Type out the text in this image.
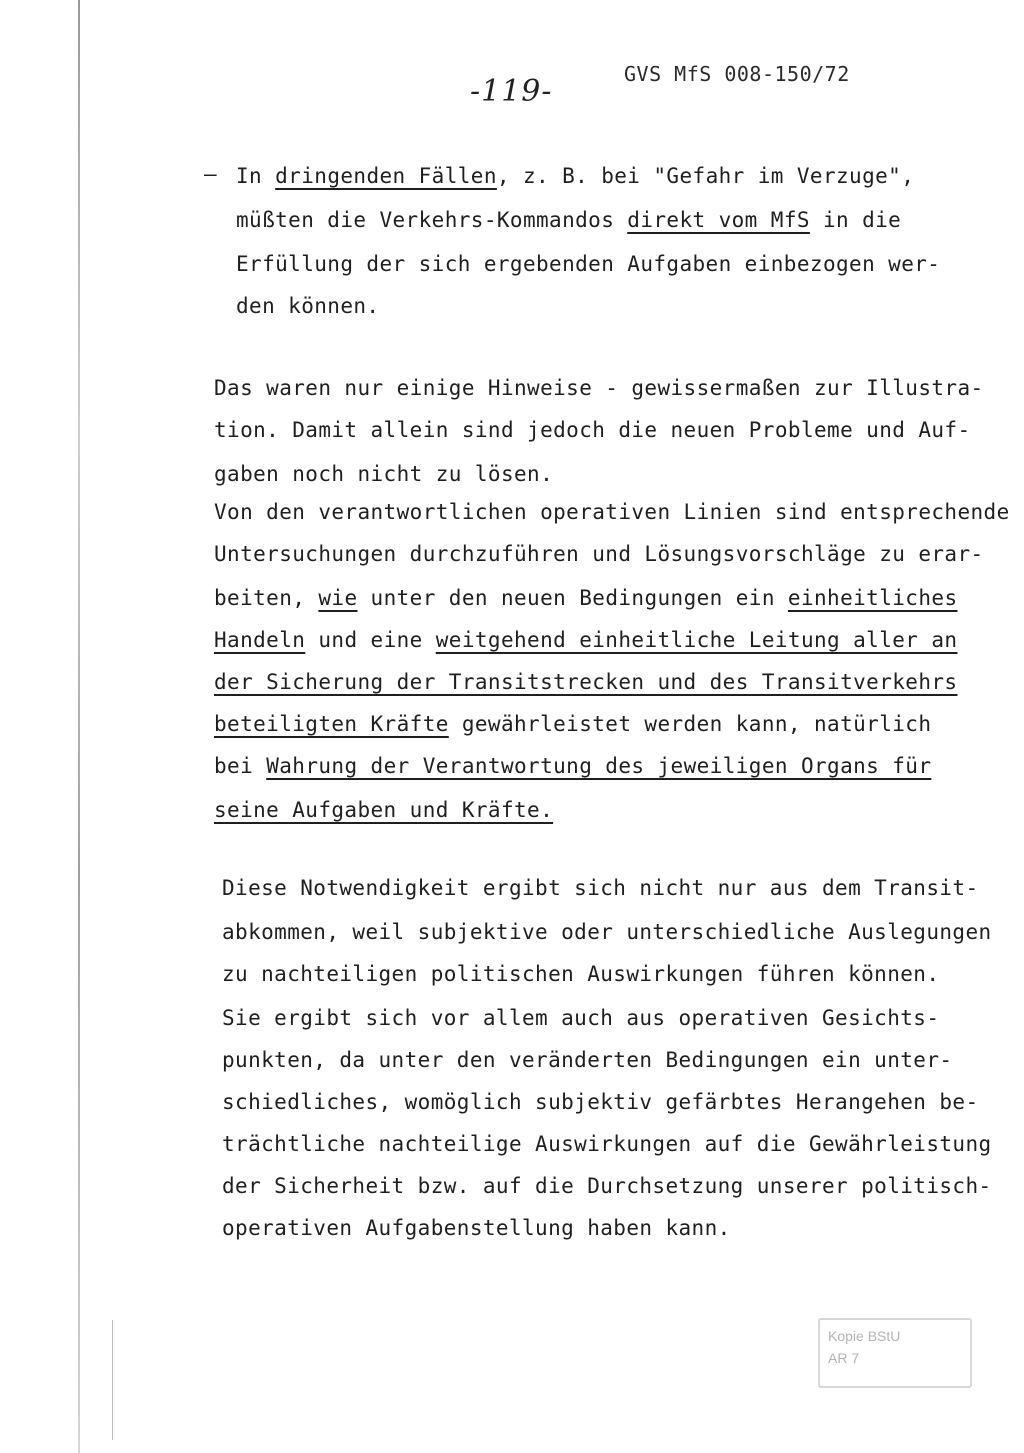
-119-	GVS MfS 008-150/72
– In dringenden Fällen, z. B. bei "Gefahr im Verzuge",
müßten die Verkehrs-Kommandos direkt vom MfS in die
Erfüllung der sich ergebenden Aufgaben einbezogen wer-
den können.
Das waren nur einige Hinweise - gewissermaßen zur Illustra-
tion. Damit allein sind jedoch die neuen Probleme und Auf-
gaben noch nicht zu lösen.
Von den verantwortlichen operativen Linien sind entsprechende
Untersuchungen durchzuführen und Lösungsvorschläge zu erar-
beiten, wie unter den neuen Bedingungen ein einheitliches
Handeln und eine weitgehend einheitliche Leitung aller an
der Sicherung der Transitstrecken und des Transitverkehrs
beteiligten Kräfte gewährleistet werden kann, natürlich
bei Wahrung der Verantwortung des jeweiligen Organs für
seine Aufgaben und Kräfte.
Diese Notwendigkeit ergibt sich nicht nur aus dem Transit-
abkommen, weil subjektive oder unterschiedliche Auslegungen
zu nachteiligen politischen Auswirkungen führen können.
Sie ergibt sich vor allem auch aus operativen Gesichts-
punkten, da unter den veränderten Bedingungen ein unter-
schiedliches, womöglich subjektiv gefärbtes Herangehen be-
trächtliche nachteilige Auswirkungen auf die Gewährleistung
der Sicherheit bzw. auf die Durchsetzung unserer politisch-
operativen Aufgabenstellung haben kann.
Kopie BStU
AR 7
